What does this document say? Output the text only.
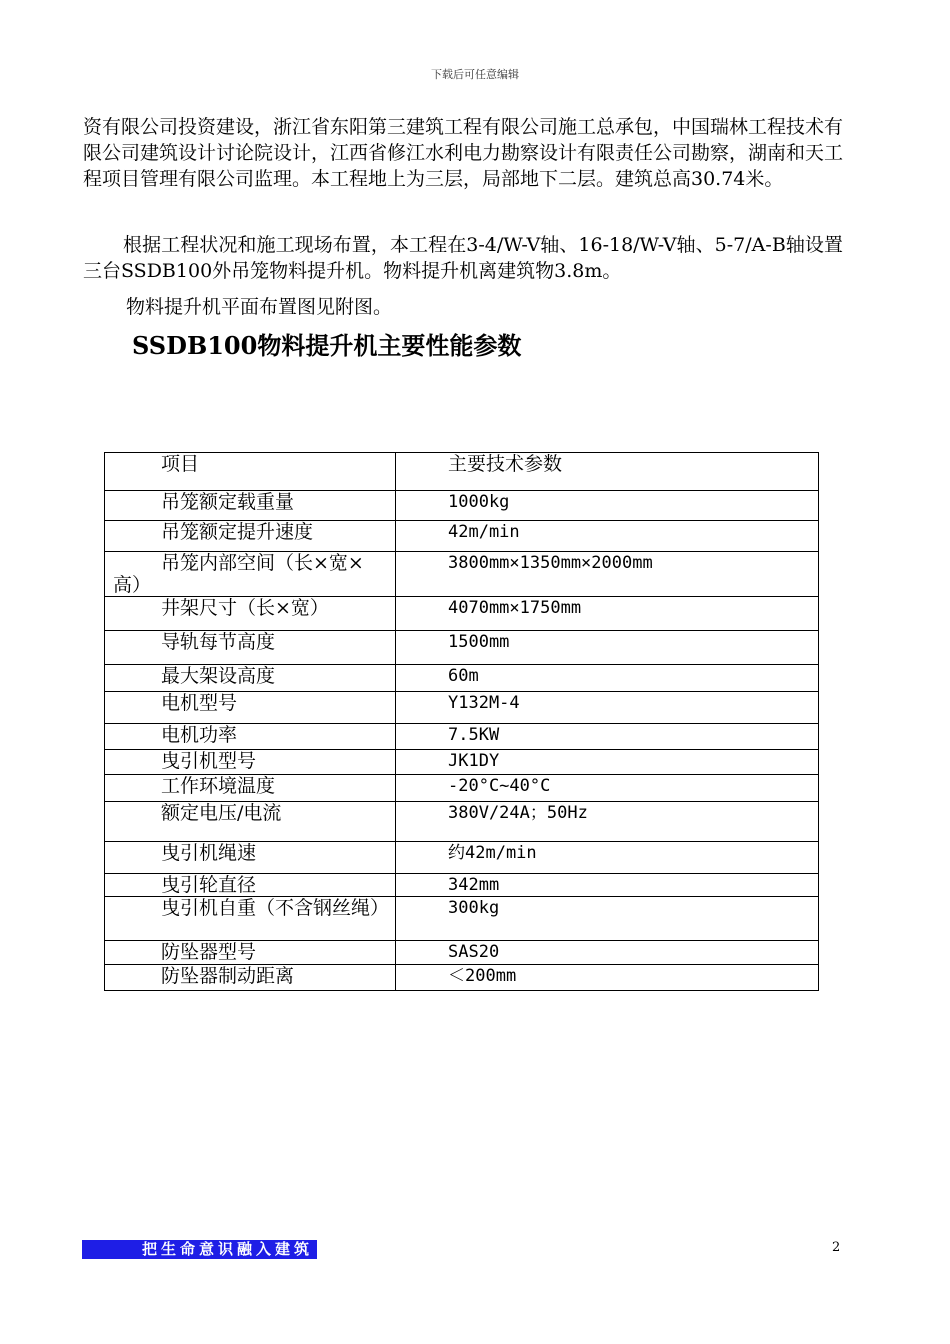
下载后可任意编辑
资有限公司投资建设，浙江省东阳第三建筑工程有限公司施工总承包，中国瑞林工程技术有限公司建筑设计讨论院设计，江西省修江水利电力勘察设计有限责任公司勘察，湖南和天工程项目管理有限公司监理。本工程地上为三层，局部地下二层。建筑总高30.74米。
根据工程状况和施工现场布置，本工程在3-4/W-V轴、16-18/W-V轴、5-7/A-B轴设置三台SSDB100外吊笼物料提升机。物料提升机离建筑物3.8m。
物料提升机平面布置图见附图。
SSDB100物料提升机主要性能参数
项目	主要技术参数
吊笼额定载重量	1000kg
吊笼额定提升速度	42m/min
吊笼内部空间（长×宽×高）	3800mm×1350mm×2000mm
井架尺寸（长×宽）	4070mm×1750mm
导轨每节高度	1500mm
最大架设高度	60m
电机型号	Y132M-4
电机功率	7.5KW
曳引机型号	JK1DY
工作环境温度	-20°C~40°C
额定电压/电流	380V/24A；50Hz
曳引机绳速	约42m/min
曳引轮直径	342mm
曳引机自重（不含钢丝绳）	300kg
防坠器型号	SAS20
防坠器制动距离	＜200mm
把生命意识融入建筑	2
